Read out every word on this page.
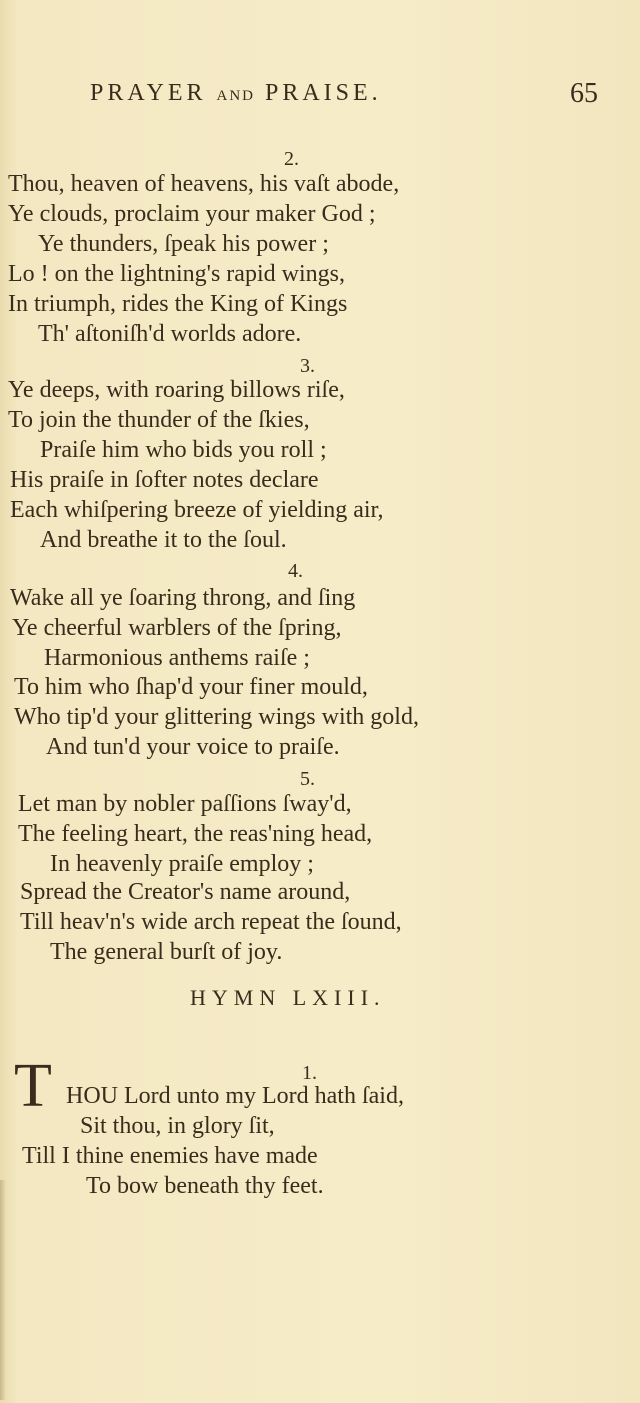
PRAYER AND PRAISE.	65
2.
Thou, heaven of heavens, his vaſt abode,
Ye clouds, proclaim your maker God ;
Ye thunders, ſpeak his power ;
Lo ! on the lightning's rapid wings,
In triumph, rides the King of Kings
Th' aſtoniſh'd worlds adore.
3.
Ye deeps, with roaring billows riſe,
To join the thunder of the ſkies,
Praiſe him who bids you roll ;
His praiſe in ſofter notes declare
Each whiſpering breeze of yielding air,
And breathe it to the ſoul.
4.
Wake all ye ſoaring throng, and ſing
Ye cheerful warblers of the ſpring,
Harmonious anthems raiſe ;
To him who ſhap'd your finer mould,
Who tip'd your glittering wings with gold,
And tun'd your voice to praiſe.
5.
Let man by nobler paſſions ſway'd,
The feeling heart, the reas'ning head,
In heavenly praiſe employ ;
Spread the Creator's name around,
Till heav'n's wide arch repeat the ſound,
The general burſt of joy.
HYMN LXIII.
1.
T HOU Lord unto my Lord hath ſaid,
Sit thou, in glory ſit,
Till I thine enemies have made
To bow beneath thy feet.
